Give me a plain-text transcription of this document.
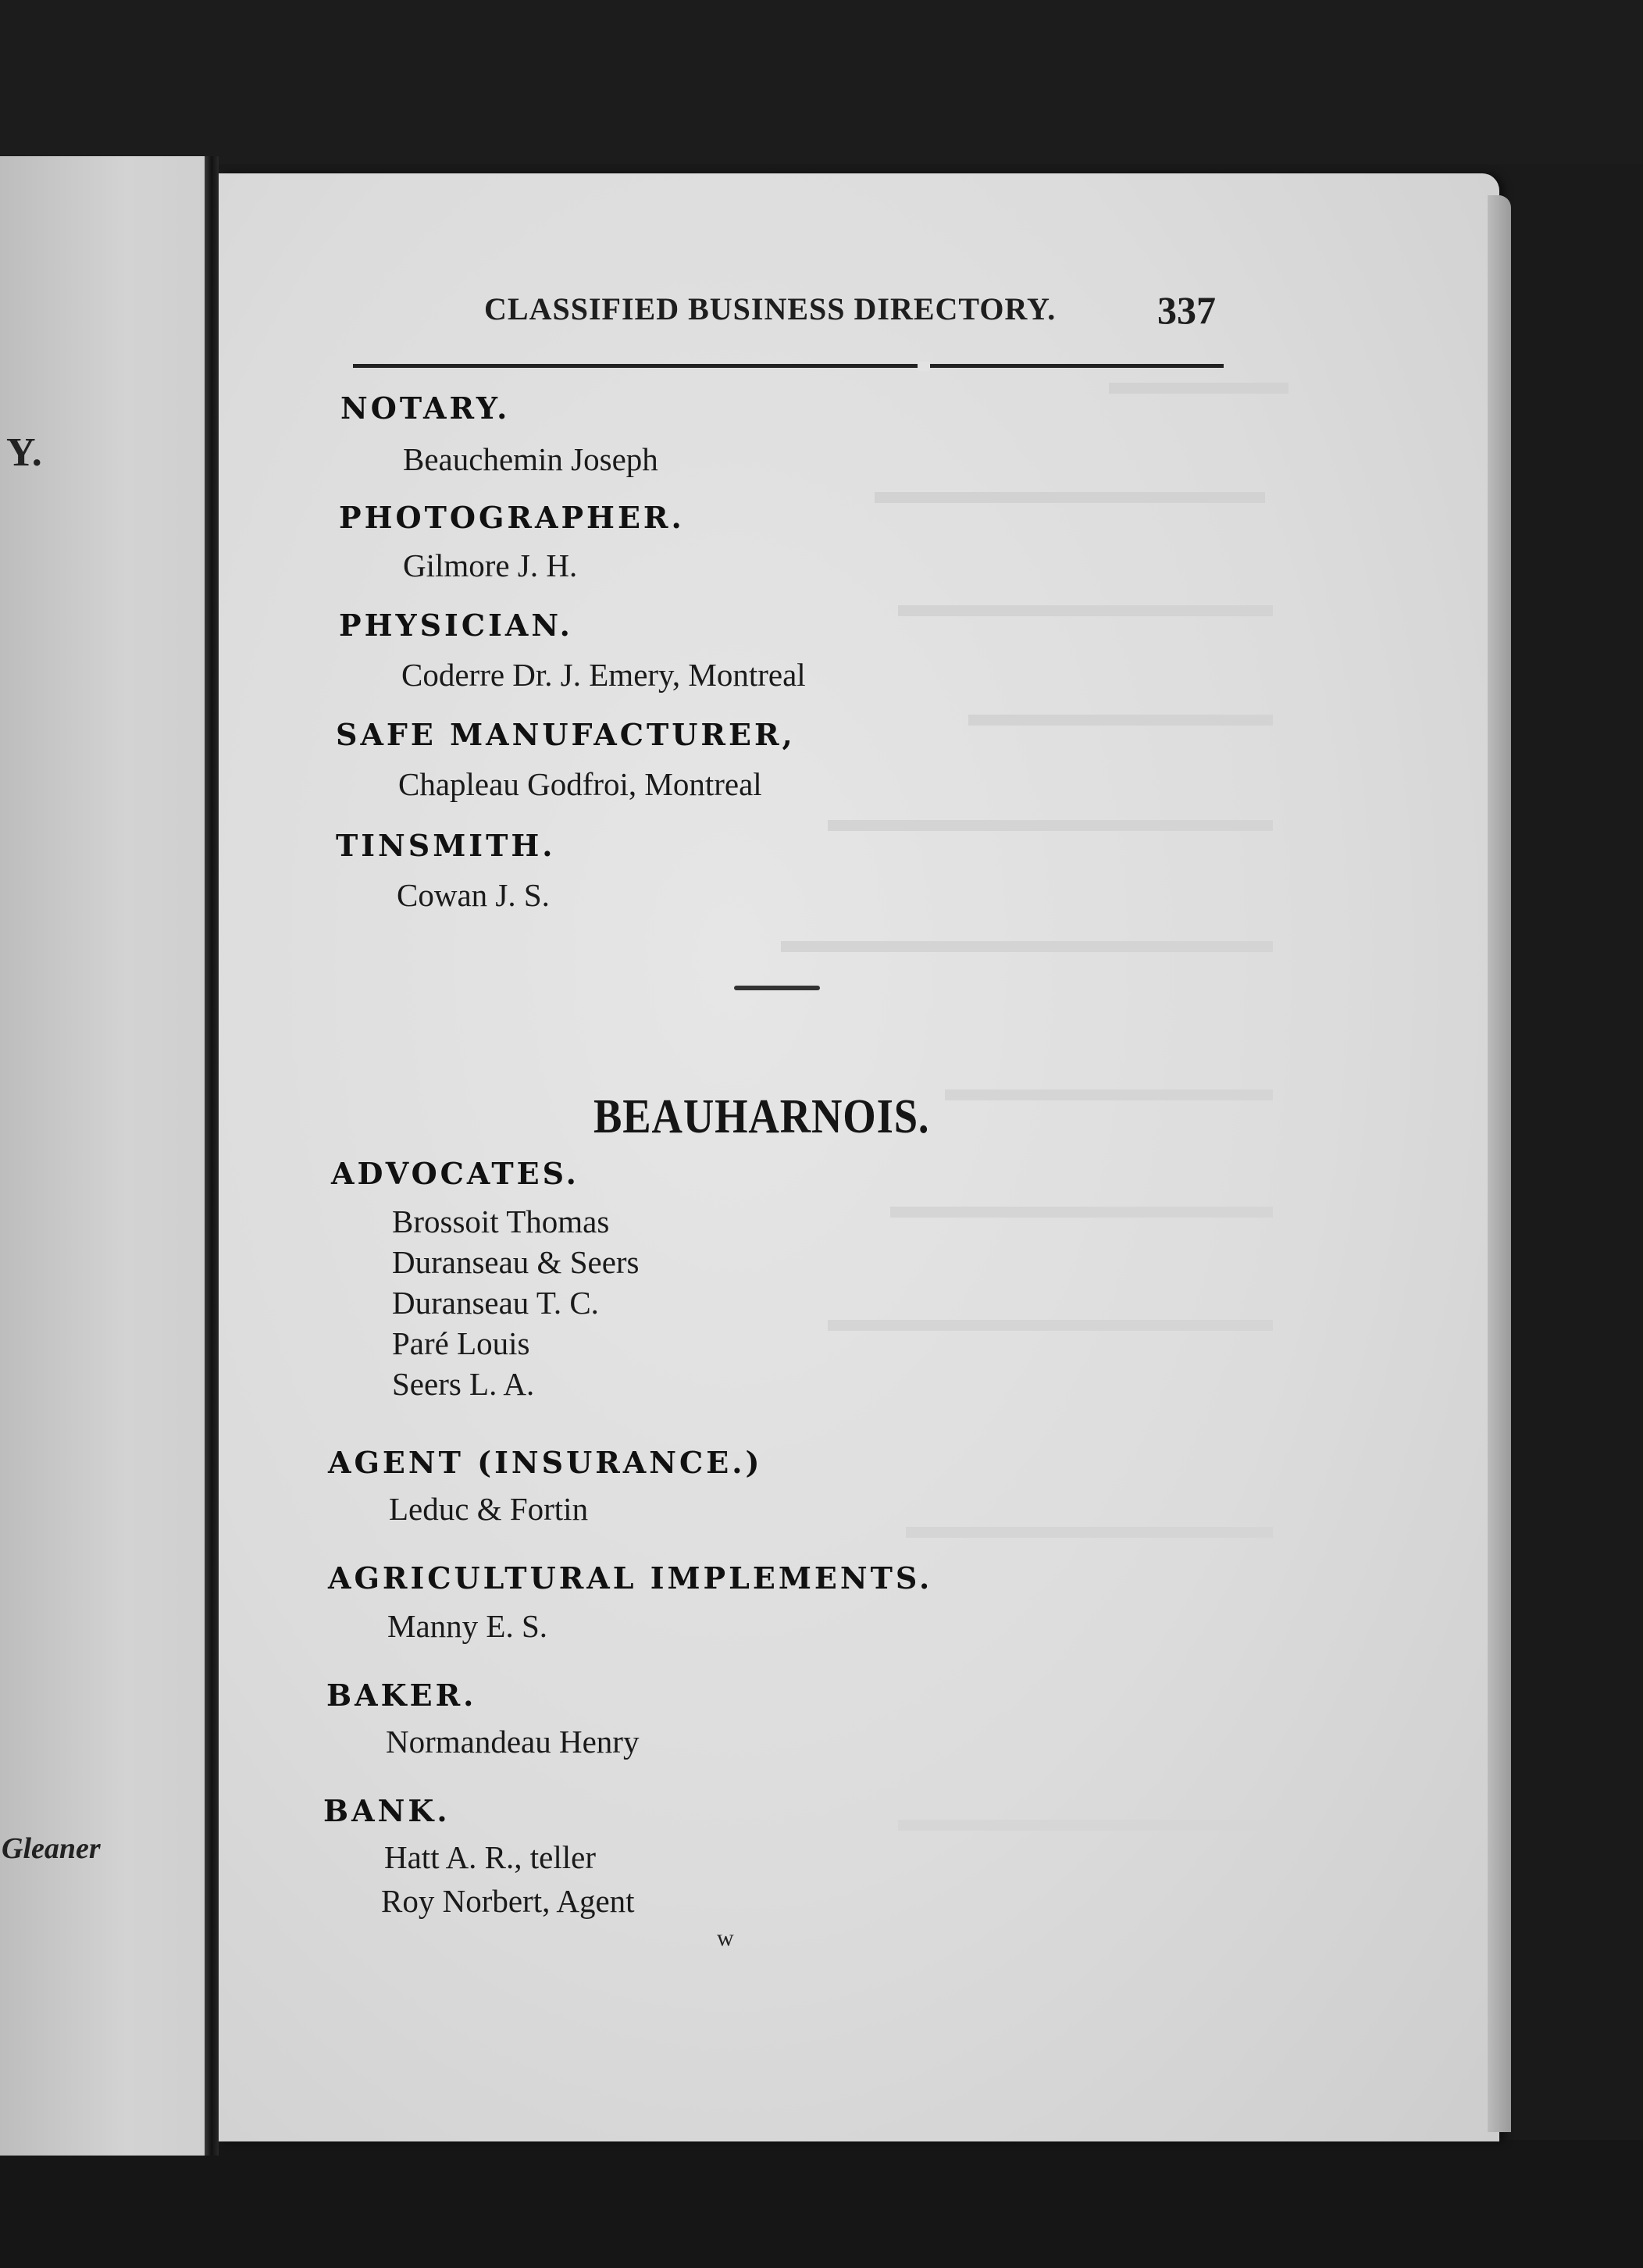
Y.
Gleaner
CLASSIFIED BUSINESS DIRECTORY.	337
NOTARY.
Beauchemin Joseph
PHOTOGRAPHER.
Gilmore J. H.
PHYSICIAN.
Coderre Dr. J. Emery, Montreal
SAFE MANUFACTURER,
Chapleau Godfroi, Montreal
TINSMITH.
Cowan J. S.
BEAUHARNOIS.
ADVOCATES.
Brossoit Thomas
Duranseau & Seers
Duranseau T. C.
Paré Louis
Seers L. A.
AGENT (INSURANCE.)
Leduc & Fortin
AGRICULTURAL IMPLEMENTS.
Manny E. S.
BAKER.
Normandeau Henry
BANK.
Hatt A. R., teller
Roy Norbert, Agent
w
